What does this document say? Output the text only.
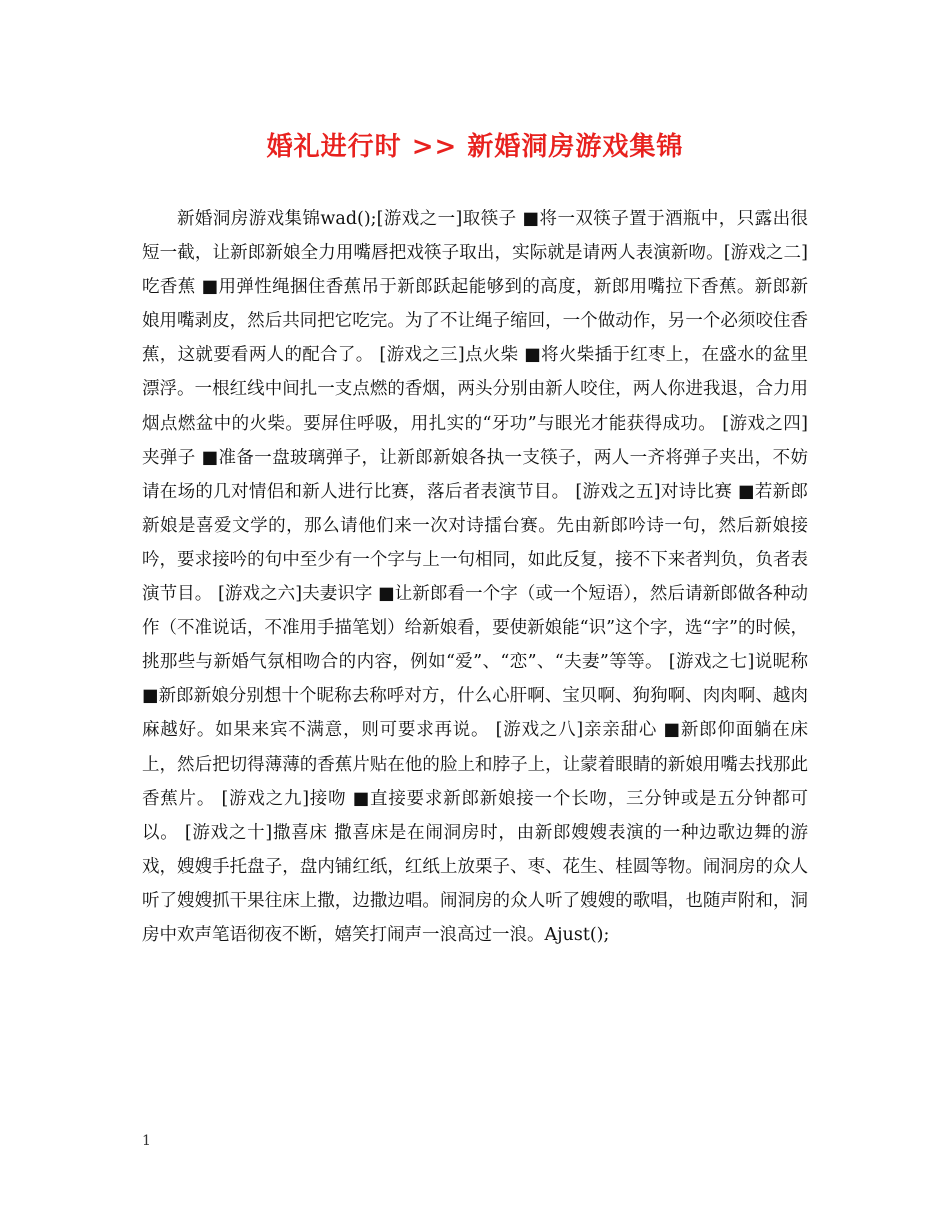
婚礼进行时 >> 新婚洞房游戏集锦

新婚洞房游戏集锦wad();[游戏之一]取筷子 ■将一双筷子置于酒瓶中，只露出很短一截，让新郎新娘全力用嘴唇把戏筷子取出，实际就是请两人表演新吻。[游戏之二]吃香蕉 ■用弹性绳捆住香蕉吊于新郎跃起能够到的高度，新郎用嘴拉下香蕉。新郎新娘用嘴剥皮，然后共同把它吃完。为了不让绳子缩回，一个做动作，另一个必须咬住香蕉，这就要看两人的配合了。 [游戏之三]点火柴 ■将火柴插于红枣上，在盛水的盆里漂浮。一根红线中间扎一支点燃的香烟，两头分别由新人咬住，两人你进我退，合力用烟点燃盆中的火柴。要屏住呼吸，用扎实的“牙功”与眼光才能获得成功。 [游戏之四]夹弹子 ■准备一盘玻璃弹子，让新郎新娘各执一支筷子，两人一齐将弹子夹出，不妨请在场的几对情侣和新人进行比赛，落后者表演节目。 [游戏之五]对诗比赛 ■若新郎新娘是喜爱文学的，那么请他们来一次对诗擂台赛。先由新郎吟诗一句，然后新娘接吟，要求接吟的句中至少有一个字与上一句相同，如此反复，接不下来者判负，负者表演节目。 [游戏之六]夫妻识字 ■让新郎看一个字（或一个短语），然后请新郎做各种动作（不准说话，不准用手描笔划）给新娘看，要使新娘能“识”这个字，选“字”的时候，挑那些与新婚气氛相吻合的内容，例如“爱”、“恋”、“夫妻”等等。 [游戏之七]说昵称 ■新郎新娘分别想十个昵称去称呼对方，什么心肝啊、宝贝啊、狗狗啊、肉肉啊、越肉麻越好。如果来宾不满意，则可要求再说。 [游戏之八]亲亲甜心 ■新郎仰面躺在床上，然后把切得薄薄的香蕉片贴在他的脸上和脖子上，让蒙着眼睛的新娘用嘴去找那此香蕉片。 [游戏之九]接吻 ■直接要求新郎新娘接一个长吻，三分钟或是五分钟都可以。 [游戏之十]撒喜床 撒喜床是在闹洞房时，由新郎嫂嫂表演的一种边歌边舞的游戏，嫂嫂手托盘子，盘内铺红纸，红纸上放栗子、枣、花生、桂圆等物。闹洞房的众人听了嫂嫂抓干果往床上撒，边撒边唱。闹洞房的众人听了嫂嫂的歌唱，也随声附和，洞房中欢声笔语彻夜不断，嬉笑打闹声一浪高过一浪。Ajust();

1
